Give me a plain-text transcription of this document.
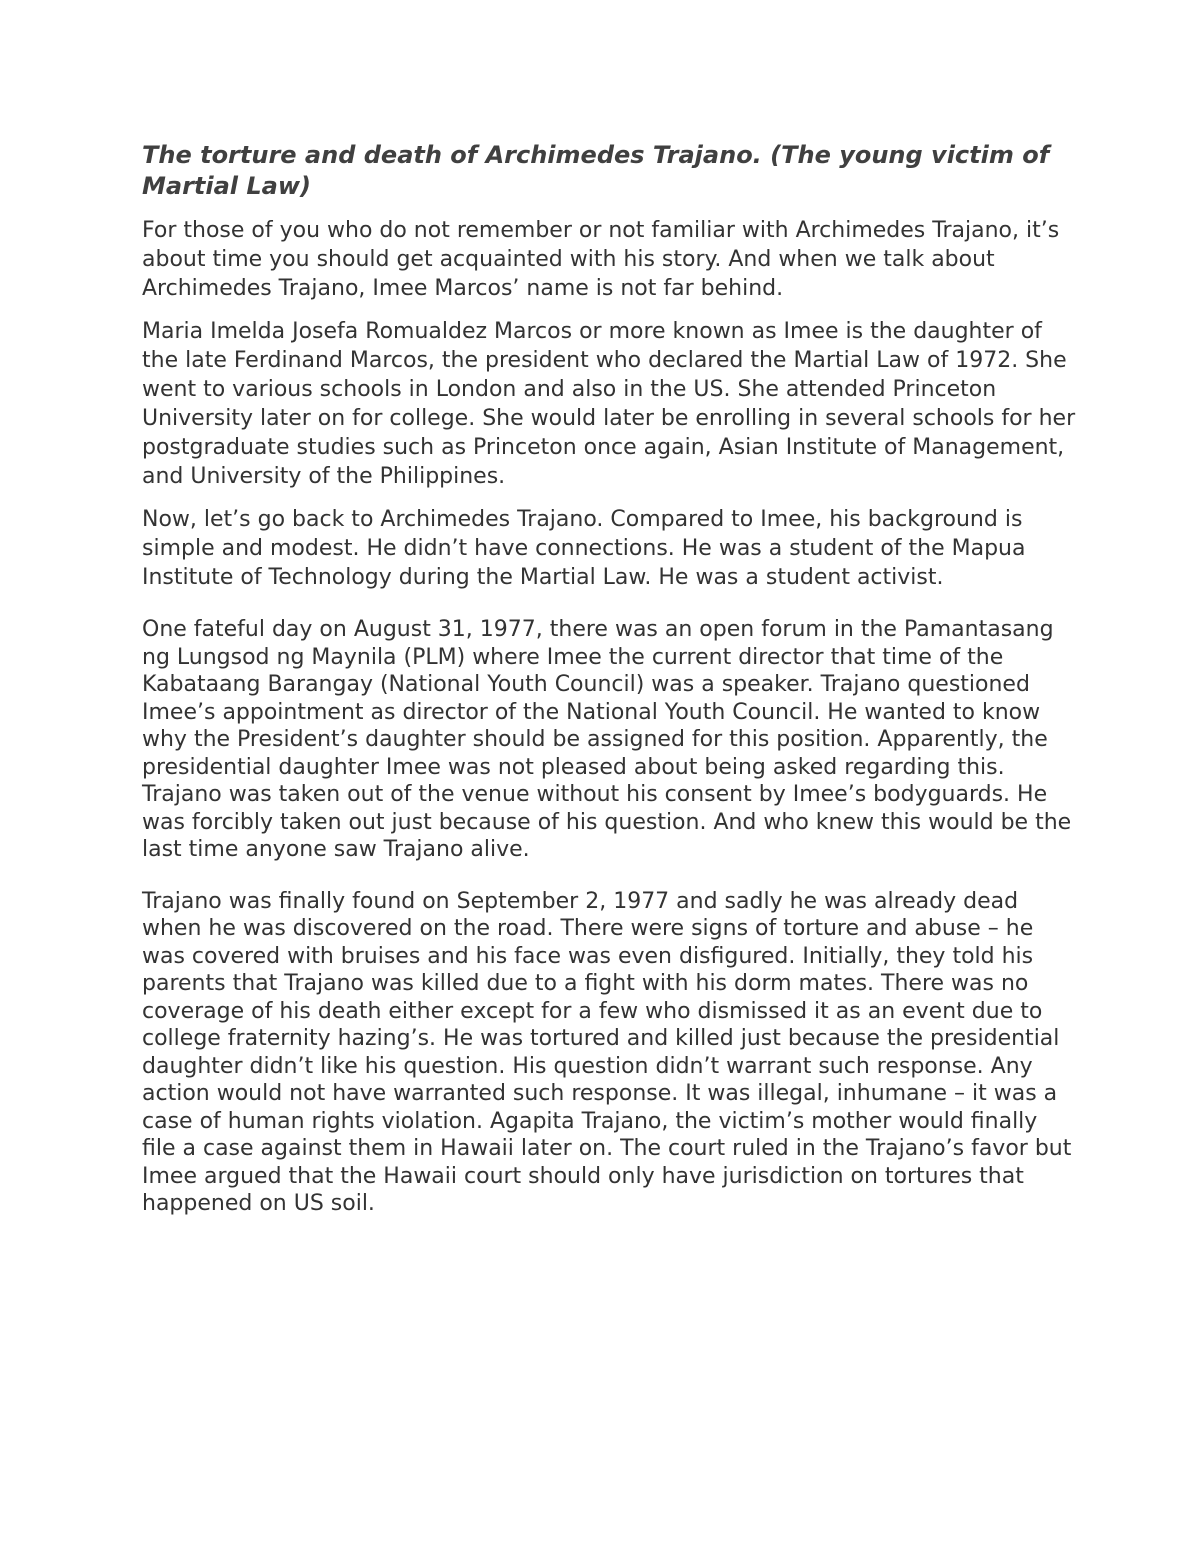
The torture and death of Archimedes Trajano. (The young victim of Martial Law)

For those of you who do not remember or not familiar with Archimedes Trajano, it’s about time you should get acquainted with his story. And when we talk about Archimedes Trajano, Imee Marcos’ name is not far behind.

Maria Imelda Josefa Romualdez Marcos or more known as Imee is the daughter of the late Ferdinand Marcos, the president who declared the Martial Law of 1972. She went to various schools in London and also in the US. She attended Princeton University later on for college. She would later be enrolling in several schools for her postgraduate studies such as Princeton once again, Asian Institute of Management, and University of the Philippines.

Now, let’s go back to Archimedes Trajano. Compared to Imee, his background is simple and modest. He didn’t have connections. He was a student of the Mapua Institute of Technology during the Martial Law. He was a student activist.

One fateful day on August 31, 1977, there was an open forum in the Pamantasang ng Lungsod ng Maynila (PLM) where Imee the current director that time of the Kabataang Barangay (National Youth Council) was a speaker. Trajano questioned Imee’s appointment as director of the National Youth Council. He wanted to know why the President’s daughter should be assigned for this position. Apparently, the presidential daughter Imee was not pleased about being asked regarding this. Trajano was taken out of the venue without his consent by Imee’s bodyguards. He was forcibly taken out just because of his question. And who knew this would be the last time anyone saw Trajano alive.

Trajano was finally found on September 2, 1977 and sadly he was already dead when he was discovered on the road. There were signs of torture and abuse – he was covered with bruises and his face was even disfigured. Initially, they told his parents that Trajano was killed due to a fight with his dorm mates. There was no coverage of his death either except for a few who dismissed it as an event due to college fraternity hazing’s. He was tortured and killed just because the presidential daughter didn’t like his question. His question didn’t warrant such response. Any action would not have warranted such response. It was illegal, inhumane – it was a case of human rights violation. Agapita Trajano, the victim’s mother would finally file a case against them in Hawaii later on. The court ruled in the Trajano’s favor but Imee argued that the Hawaii court should only have jurisdiction on tortures that happened on US soil.
